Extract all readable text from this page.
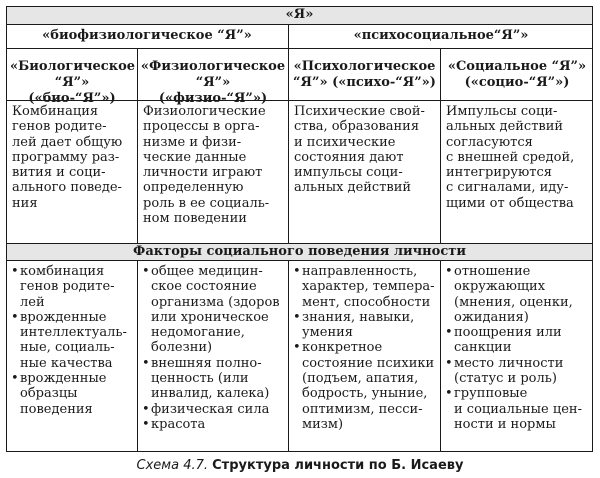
«Я»
«биофизиологическое “Я”»	«психосоциальное“Я”»
«Биологическое “Я”» («био-“Я”»)
«Физиологическое “Я”» («физио-“Я”»)
«Психологическое “Я”» («психо-“Я”»)
«Социальное “Я”» («социо-“Я”»)
Комбинация
генов родите-
лей дает общую
программу раз-
вития и соци-
ального поведе-
ния
Физиологические
процессы в орга-
низме и физи-
ческие данные
личности играют
определенную
роль в ее социаль-
ном поведении
Психические свой-
ства, образования
и психические
состояния дают
импульсы соци-
альных действий
Импульсы соци-
альных действий
согласуются
с внешней средой,
интегрируются
с сигналами, иду-
щими от общества
Факторы социального поведения личности
• комбинация
генов родите-
лей
• врожденные
интеллектуаль-
ные, социаль-
ные качества
• врожденные
образцы
поведения
• общее медицин-
ское состояние
организма (здоров
или хроническое
недомогание,
болезни)
• внешняя полно-
ценность (или
инвалид, калека)
• физическая сила
• красота
• направленность,
характер, темпера-
мент, способности
• знания, навыки,
умения
• конкретное
состояние психики
(подъем, апатия,
бодрость, уныние,
оптимизм, песси-
мизм)
• отношение
окружающих
(мнения, оценки,
ожидания)
• поощрения или
санкции
• место личности
(статус и роль)
• групповые
и социальные цен-
ности и нормы
Схема 4.7. Структура личности по Б. Исаеву
